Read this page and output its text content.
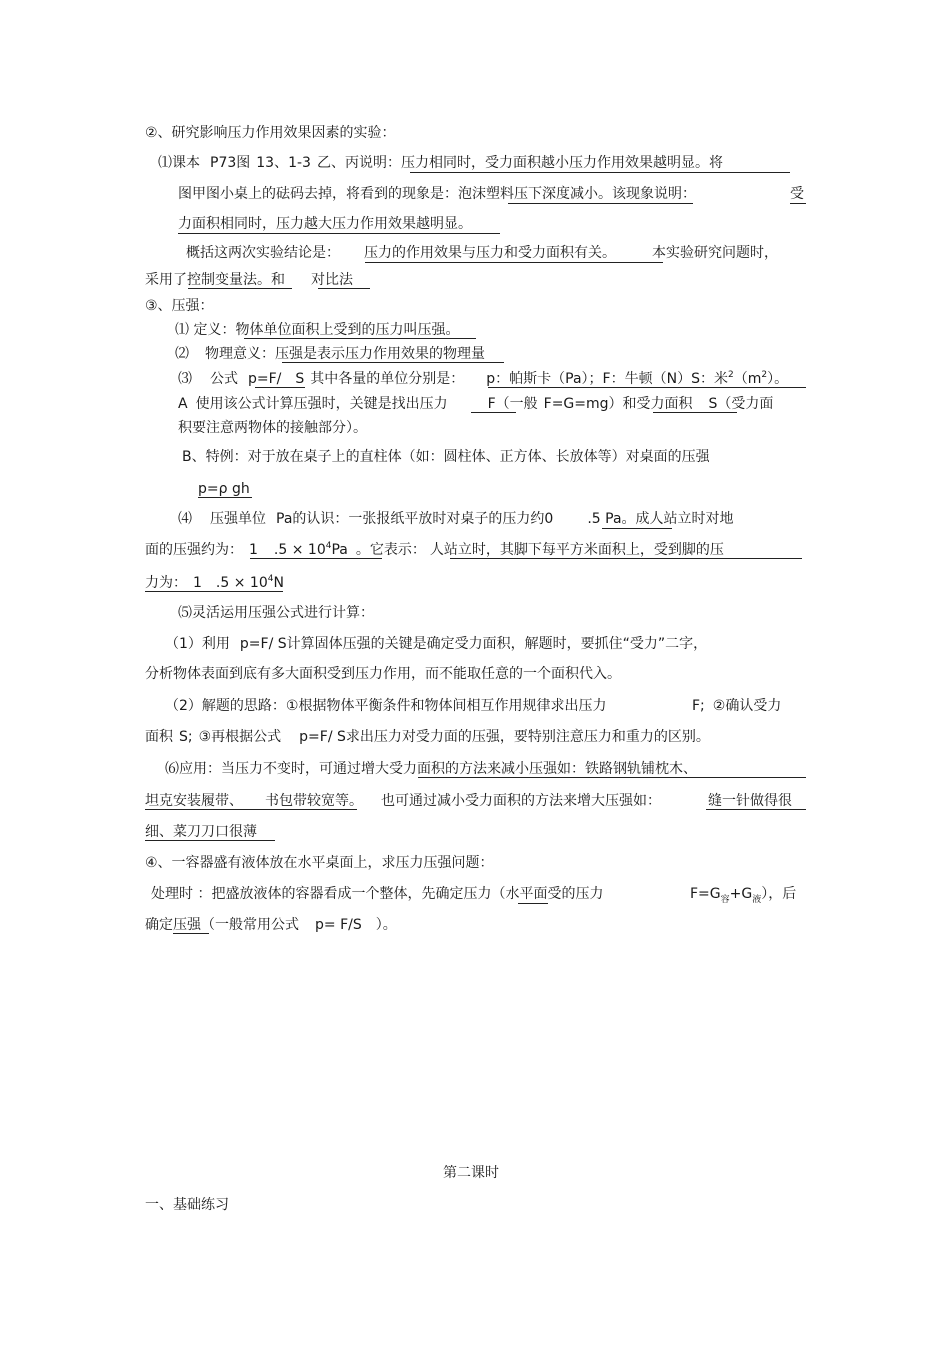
②、研究影响压力作用效果因素的实验：
⑴课本 P73图 13、1-3 乙、丙说明：压力相同时，受力面积越小压力作用效果越明显。将
图甲图小桌上的砝码去掉，将看到的现象是：泡沫塑料压下深度减小。该现象说明：	受
力面积相同时，压力越大压力作用效果越明显。
概括这两次实验结论是： 压力的作用效果与压力和受力面积有关。	本实验研究问题时，
采用了控制变量法。和 对比法
③、压强：
⑴ 定义：物体单位面积上受到的压力叫压强。
⑵ 物理意义：压强是表示压力作用效果的物理量
⑶ 公式 p=F/ S 其中各量的单位分别是： p：帕斯卡（Pa）；F：牛顿（N）S：米$^2(m^2)$。
A 使用该公式计算压强时，关键是找出压力	F（一般 F=G=mg）和受力面积 S（受力面
积要注意两物体的接触部分）。
B、特例：对于放在桌子上的直柱体（如：圆柱体、正方体、长放体等）对桌面的压强
p=ρ gh
⑷ 压强单位 Pa的认识：一张报纸平放时对桌子的压力约0 .5 Pa。成人站立时对地
面的压强约为： 1 $.5 \times 10^4Pa$ 。它表示： 人站立时，其脚下每平方米面积上，受到脚的压
力为： 1 $.5 \times 10^4N$
⑸灵活运用压强公式进行计算：
（1）利用 p=F/ S计算固体压强的关键是确定受力面积，解题时，要抓住“受力”二字，
分析物体表面到底有多大面积受到压力作用，而不能取任意的一个面积代入。
（2）解题的思路：①根据物体平衡条件和物体间相互作用规律求出压力	F; ②确认受力
面积 S; ③再根据公式 p=F/ S求出压力对受力面的压强，要特别注意压力和重力的区别。
⑹应用：当压力不变时，可通过增大受力面积的方法来减小压强如：铁路钢轨铺枕木、
坦克安装履带、 书包带较宽等。 也可通过减小受力面积的方法来增大压强如：	缝一针做得很
细、菜刀刀口很薄
④、一容器盛有液体放在水平桌面上，求压力压强问题：
处理时 ：把盛放液体的容器看成一个整体，先确定压力（水平面受的压力	$F=G_容+G_液$），后
确定压强（一般常用公式 p= F/S ）。
第二课时
一、基础练习
